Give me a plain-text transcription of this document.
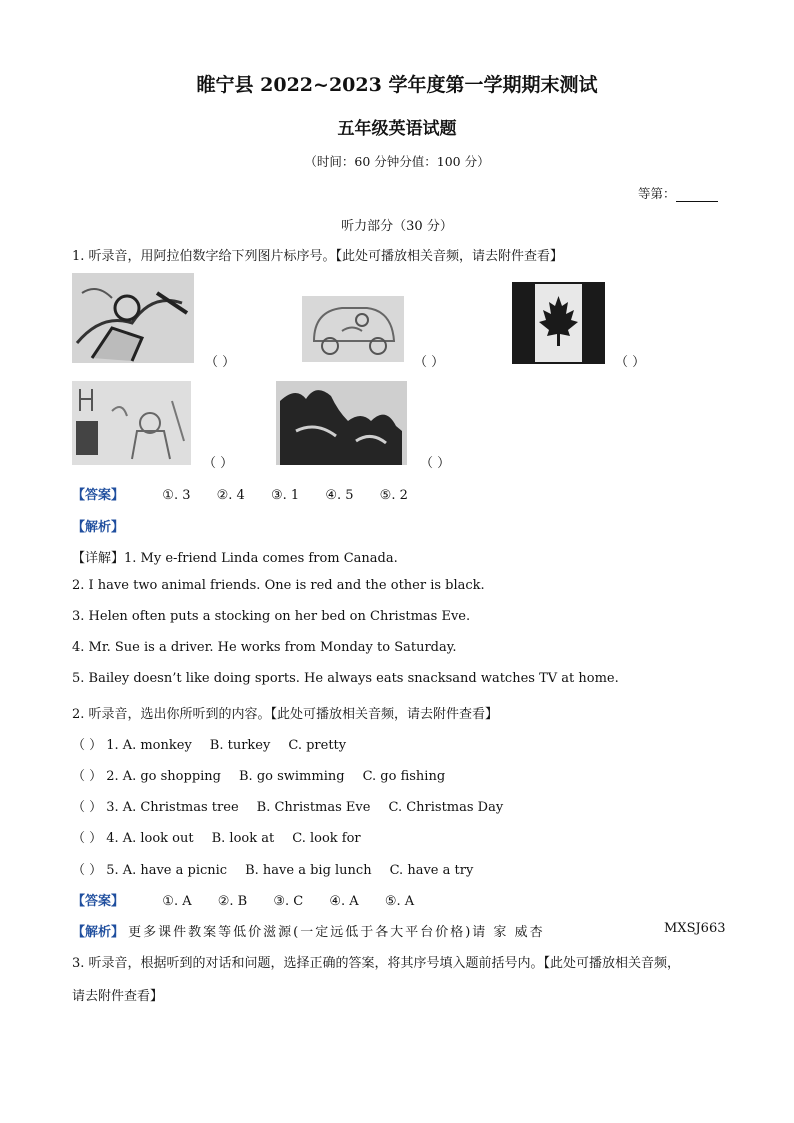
睢宁县 2022~2023 学年度第一学期期末测试
五年级英语试题
（时间：60 分钟分值：100 分）
等第：
听力部分（30 分）
1. 听录音，用阿拉伯数字给下列图片标序号。【此处可播放相关音频，请去附件查看】
（ ）	（ ）	（ ）
（ ）	（ ）
【答案】	①. 3 ②. 4 ③. 1 ④. 5 ⑤. 2
【解析】
【详解】1. My e-friend Linda comes from Canada.
2. I have two animal friends. One is red and the other is black.
3. Helen often puts a stocking on her bed on Christmas Eve.
4. Mr. Sue is a driver. He works from Monday to Saturday.
5. Bailey doesn’t like doing sports. He always eats snacksand watches TV at home.
2. 听录音，选出你所听到的内容。【此处可播放相关音频，请去附件查看】
（ ） 1. A. monkey B. turkey C. pretty
（ ） 2. A. go shopping B. go swimming C. go fishing
（ ） 3. A. Christmas tree B. Christmas Eve C. Christmas Day
（ ） 4. A. look out B. look at C. look for
（ ） 5. A. have a picnic B. have a big lunch C. have a try
【答案】	①. A ②. B ③. C ④. A ⑤. A
【解析】 更多课件教案等低价滋源(一定远低于各大平台价格)请 家 威杏	MXSJ663
3. 听录音，根据听到的对话和问题，选择正确的答案，将其序号填入题前括号内。【此处可播放相关音频，
请去附件查看】
